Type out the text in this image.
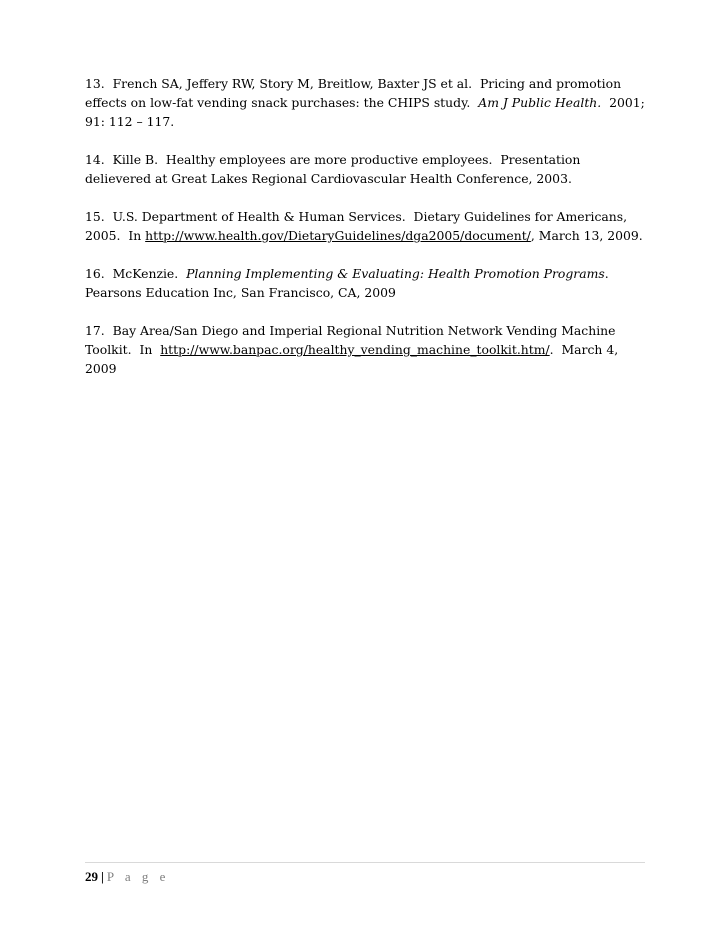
13.  French SA, Jeffery RW, Story M, Breitlow, Baxter JS et al.  Pricing and promotion effects on low-fat vending snack purchases: the CHIPS study.  Am J Public Health.  2001; 91: 112 – 117.

14.  Kille B.  Healthy employees are more productive employees.  Presentation delievered at Great Lakes Regional Cardiovascular Health Conference, 2003.

15.  U.S. Department of Health & Human Services.  Dietary Guidelines for Americans, 2005.  In http://www.health.gov/DietaryGuidelines/dga2005/document/, March 13, 2009.

16.  McKenzie.  Planning Implementing & Evaluating: Health Promotion Programs.  Pearsons Education Inc, San Francisco, CA, 2009

17.  Bay Area/San Diego and Imperial Regional Nutrition Network Vending Machine Toolkit.  In  http://www.banpac.org/healthy_vending_machine_toolkit.htm/.  March 4, 2009

29 | P a g e
